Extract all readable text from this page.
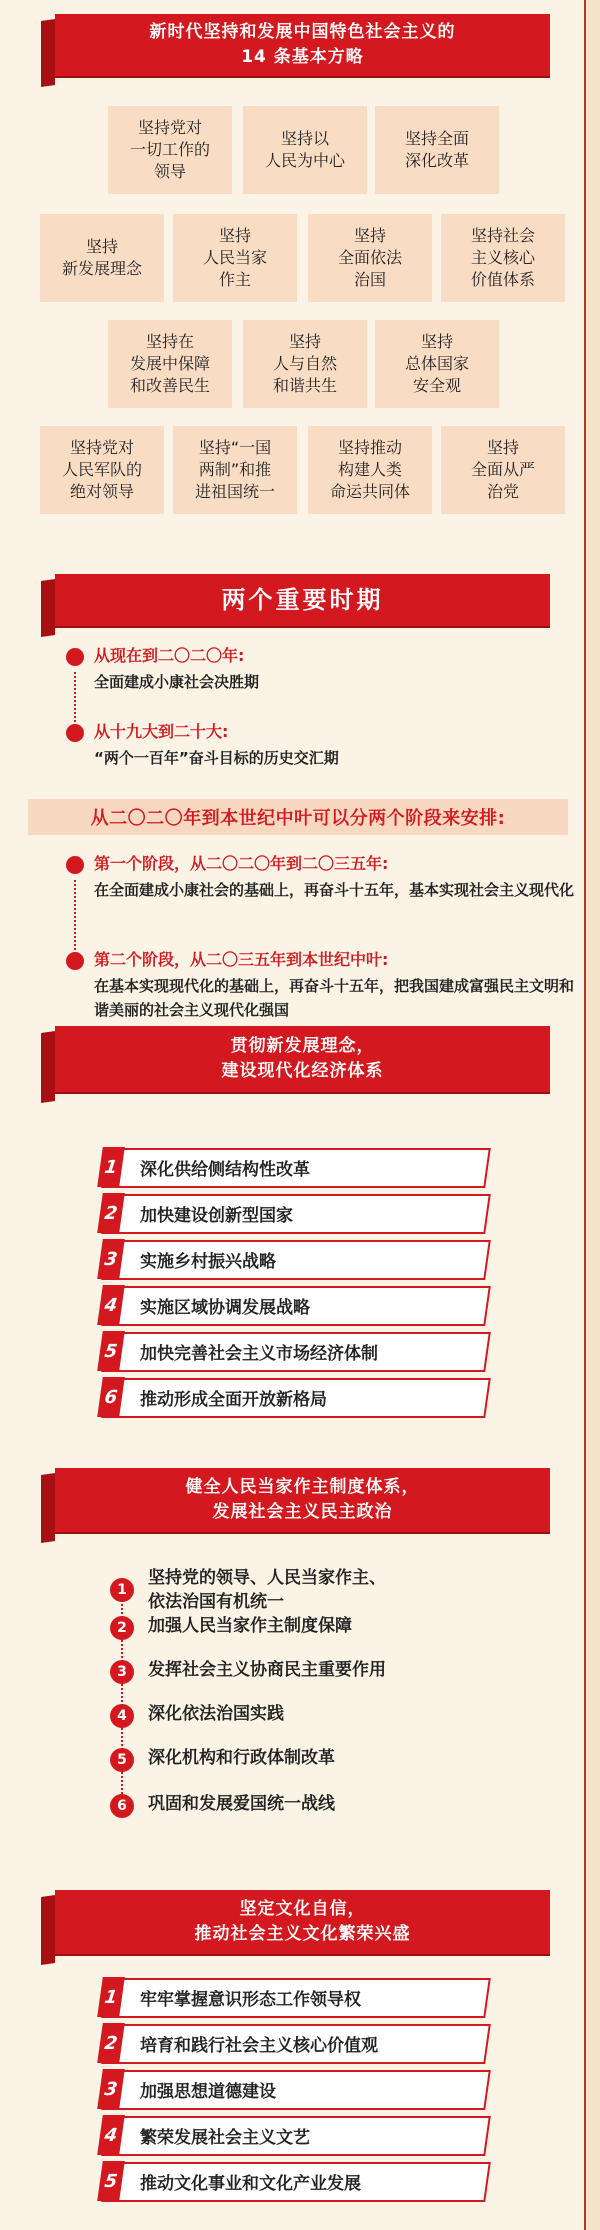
新时代坚持和发展中国特色社会主义的
14 条基本方略
坚持党对
一切工作的
领导
坚持以
人民为中心
坚持全面
深化改革
坚持
新发展理念
坚持
人民当家
作主
坚持
全面依法
治国
坚持社会
主义核心
价值体系
坚持在
发展中保障
和改善民生
坚持
人与自然
和谐共生
坚持
总体国家
安全观
坚持党对
人民军队的
绝对领导
坚持“一国
两制”和推
进祖国统一
坚持推动
构建人类
命运共同体
坚持
全面从严
治党
两个重要时期
从现在到二〇二〇年:
全面建成小康社会决胜期
从十九大到二十大:
“两个一百年”奋斗目标的历史交汇期
从二〇二〇年到本世纪中叶可以分两个阶段来安排:
第一个阶段，从二〇二〇年到二〇三五年:
在全面建成小康社会的基础上，再奋斗十五年，基本实现社会主义现代化
第二个阶段，从二〇三五年到本世纪中叶:
在基本实现现代化的基础上，再奋斗十五年，把我国建成富强民主文明和谐美丽的社会主义现代化强国
贯彻新发展理念，
建设现代化经济体系
1	深化供给侧结构性改革
2	加快建设创新型国家
3	实施乡村振兴战略
4	实施区域协调发展战略
5	加快完善社会主义市场经济体制
6	推动形成全面开放新格局
健全人民当家作主制度体系，
发展社会主义民主政治
1
坚持党的领导、人民当家作主、
依法治国有机统一
2	加强人民当家作主制度保障
3	发挥社会主义协商民主重要作用
4	深化依法治国实践
5	深化机构和行政体制改革
6	巩固和发展爱国统一战线
坚定文化自信，
推动社会主义文化繁荣兴盛
1	牢牢掌握意识形态工作领导权
2	培育和践行社会主义核心价值观
3	加强思想道德建设
4	繁荣发展社会主义文艺
5	推动文化事业和文化产业发展
